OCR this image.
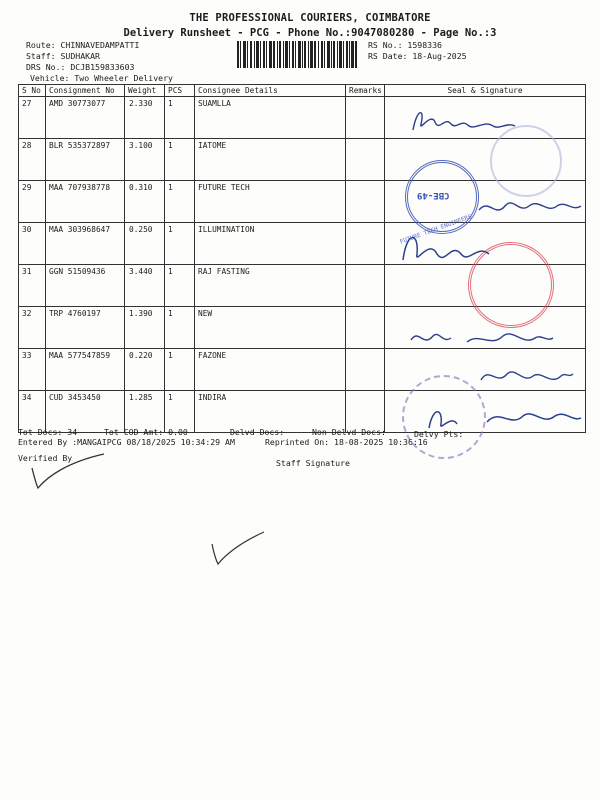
THE PROFESSIONAL COURIERS, COIMBATORE
Delivery Runsheet - PCG - Phone No.:9047080280 - Page No.:3
Route: CHINNAVEDAMPATTI
Staff: SUDHAKAR
DRS No.: DCJB159833603
Vehicle: Two Wheeler Delivery
RS No.: 1598336
RS Date: 18-Aug-2025
S No	Consignment No	Weight	PCS	Consignee Details	Remarks	Seal & Signature
27	AMD 30773077	2.330	1	SUAMLLA		
28	BLR 535372897	3.100	1	IATOME		
29	MAA 707938778	0.310	1	FUTURE TECH		
30	MAA 303968647	0.250	1	ILLUMINATION		
31	GGN 51509436	3.440	1	RAJ FASTING		
32	TRP 4760197	1.390	1	NEW		
33	MAA 577547859	0.220	1	FAZONE		
34	CUD 3453450	1.285	1	INDIRA		
CBE-49
FUTURE TECH ENGINEERS
Tot Docs: 34	Tot COD Amt: 0.00	Delvd Docs:	Non Delvd Docs:	Delvy Pts:
Entered By :MANGAIPCG 08/18/2025 10:34:29 AM	Reprinted On: 18-08-2025 10:36:16
Verified By	Staff Signature
